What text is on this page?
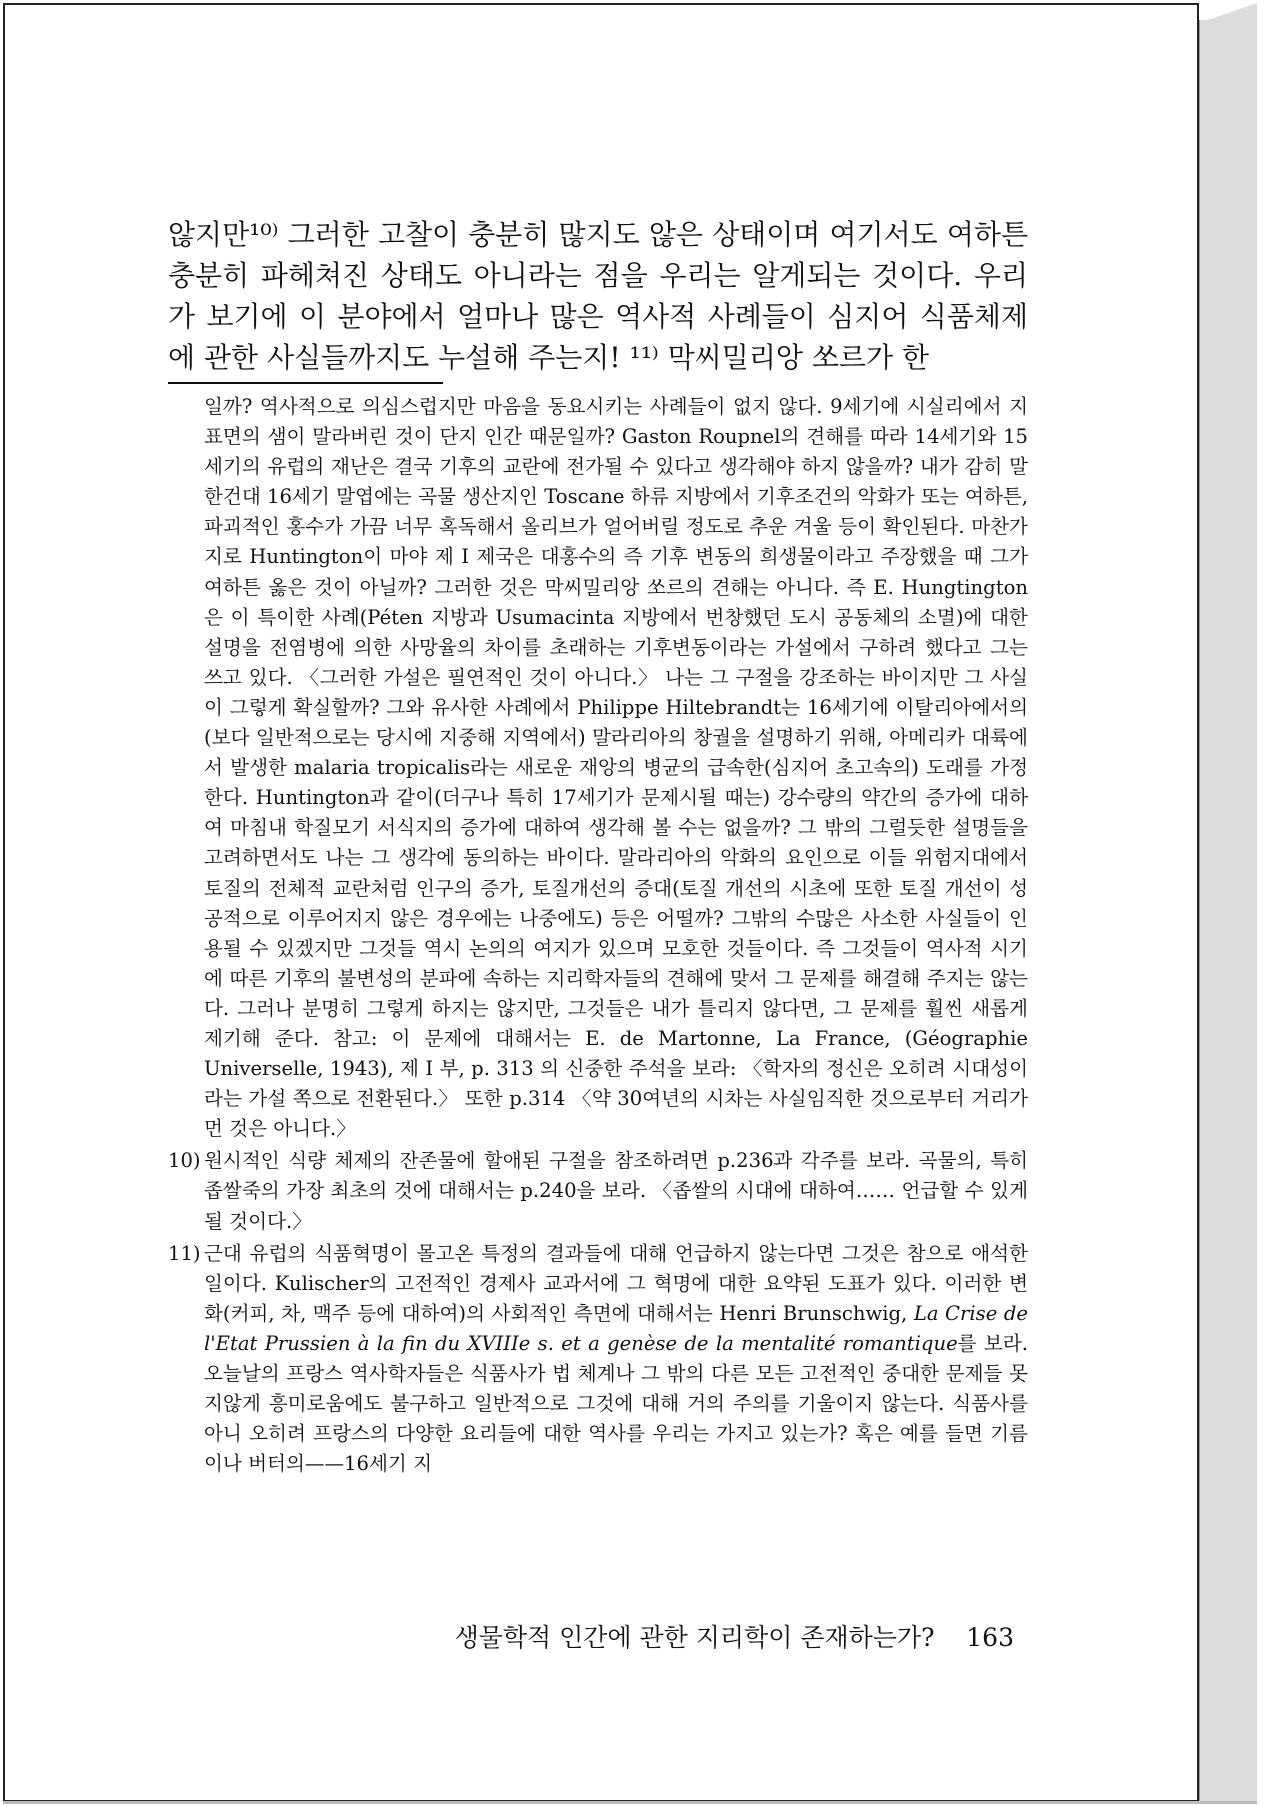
않지만¹⁰⁾ 그러한 고찰이 충분히 많지도 않은 상태이며 여기서도 여하튼 충분히 파헤쳐진 상태도 아니라는 점을 우리는 알게되는 것이다. 우리가 보기에 이 분야에서 얼마나 많은 역사적 사례들이 심지어 식품체제에 관한 사실들까지도 누설해 주는지! ¹¹⁾ 막씨밀리앙 쏘르가 한

일까? 역사적으로 의심스럽지만 마음을 동요시키는 사례들이 없지 않다. 9세기에 시실리에서 지표면의 샘이 말라버린 것이 단지 인간 때문일까? Gaston Roupnel의 견해를 따라 14세기와 15세기의 유럽의 재난은 결국 기후의 교란에 전가될 수 있다고 생각해야 하지 않을까? 내가 감히 말한건대 16세기 말엽에는 곡물 생산지인 Toscane 하류 지방에서 기후조건의 악화가 또는 여하튼, 파괴적인 홍수가 가끔 너무 혹독해서 올리브가 얼어버릴 정도로 추운 겨울 등이 확인된다. 마찬가지로 Huntington이 마야 제 I 제국은 대홍수의 즉 기후 변동의 희생물이라고 주장했을 때 그가 여하튼 옳은 것이 아닐까? 그러한 것은 막씨밀리앙 쏘르의 견해는 아니다. 즉 E. Hungtington은 이 특이한 사례(Péten 지방과 Usumacinta 지방에서 번창했던 도시 공동체의 소멸)에 대한 설명을 전염병에 의한 사망율의 차이를 초래하는 기후변동이라는 가설에서 구하려 했다고 그는 쓰고 있다. 〈그러한 가설은 필연적인 것이 아니다.〉 나는 그 구절을 강조하는 바이지만 그 사실이 그렇게 확실할까? 그와 유사한 사례에서 Philippe Hiltebrandt는 16세기에 이탈리아에서의(보다 일반적으로는 당시에 지중해 지역에서) 말라리아의 창궐을 설명하기 위해, 아메리카 대륙에서 발생한 malaria tropicalis라는 새로운 재앙의 병균의 급속한(심지어 초고속의) 도래를 가정한다. Huntington과 같이(더구나 특히 17세기가 문제시될 때는) 강수량의 약간의 증가에 대하여 마침내 학질모기 서식지의 증가에 대하여 생각해 볼 수는 없을까? 그 밖의 그럴듯한 설명들을 고려하면서도 나는 그 생각에 동의하는 바이다. 말라리아의 악화의 요인으로 이들 위험지대에서 토질의 전체적 교란처럼 인구의 증가, 토질개선의 증대(토질 개선의 시초에 또한 토질 개선이 성공적으로 이루어지지 않은 경우에는 나중에도) 등은 어떨까? 그밖의 수많은 사소한 사실들이 인용될 수 있겠지만 그것들 역시 논의의 여지가 있으며 모호한 것들이다. 즉 그것들이 역사적 시기에 따른 기후의 불변성의 분파에 속하는 지리학자들의 견해에 맞서 그 문제를 해결해 주지는 않는다. 그러나 분명히 그렇게 하지는 않지만, 그것들은 내가 틀리지 않다면, 그 문제를 훨씬 새롭게 제기해 준다. 참고: 이 문제에 대해서는 E. de Martonne, La France, (Géographie Universelle, 1943), 제 I 부, p. 313 의 신중한 주석을 보라: 〈학자의 정신은 오히려 시대성이라는 가설 쪽으로 전환된다.〉 또한 p.314 〈약 30여년의 시차는 사실임직한 것으로부터 거리가 먼 것은 아니다.〉
10) 원시적인 식량 체제의 잔존물에 할애된 구절을 참조하려면 p.236과 각주를 보라. 곡물의, 특히 좁쌀죽의 가장 최초의 것에 대해서는 p.240을 보라. 〈좁쌀의 시대에 대하여…… 언급할 수 있게 될 것이다.〉
11) 근대 유럽의 식품혁명이 몰고온 특정의 결과들에 대해 언급하지 않는다면 그것은 참으로 애석한 일이다. Kulischer의 고전적인 경제사 교과서에 그 혁명에 대한 요약된 도표가 있다. 이러한 변화(커피, 차, 맥주 등에 대하여)의 사회적인 측면에 대해서는 Henri Brunschwig, La Crise de l'Etat Prussien à la fin du XVIIIe s. et a genèse de la mentalité romantique를 보라. 오늘날의 프랑스 역사학자들은 식품사가 법 체계나 그 밖의 다른 모든 고전적인 중대한 문제들 못지않게 흥미로움에도 불구하고 일반적으로 그것에 대해 거의 주의를 기울이지 않는다. 식품사를 아니 오히려 프랑스의 다양한 요리들에 대한 역사를 우리는 가지고 있는가? 혹은 예를 들면 기름이나 버터의——16세기 지
생물학적 인간에 관한 지리학이 존재하는가? 163
